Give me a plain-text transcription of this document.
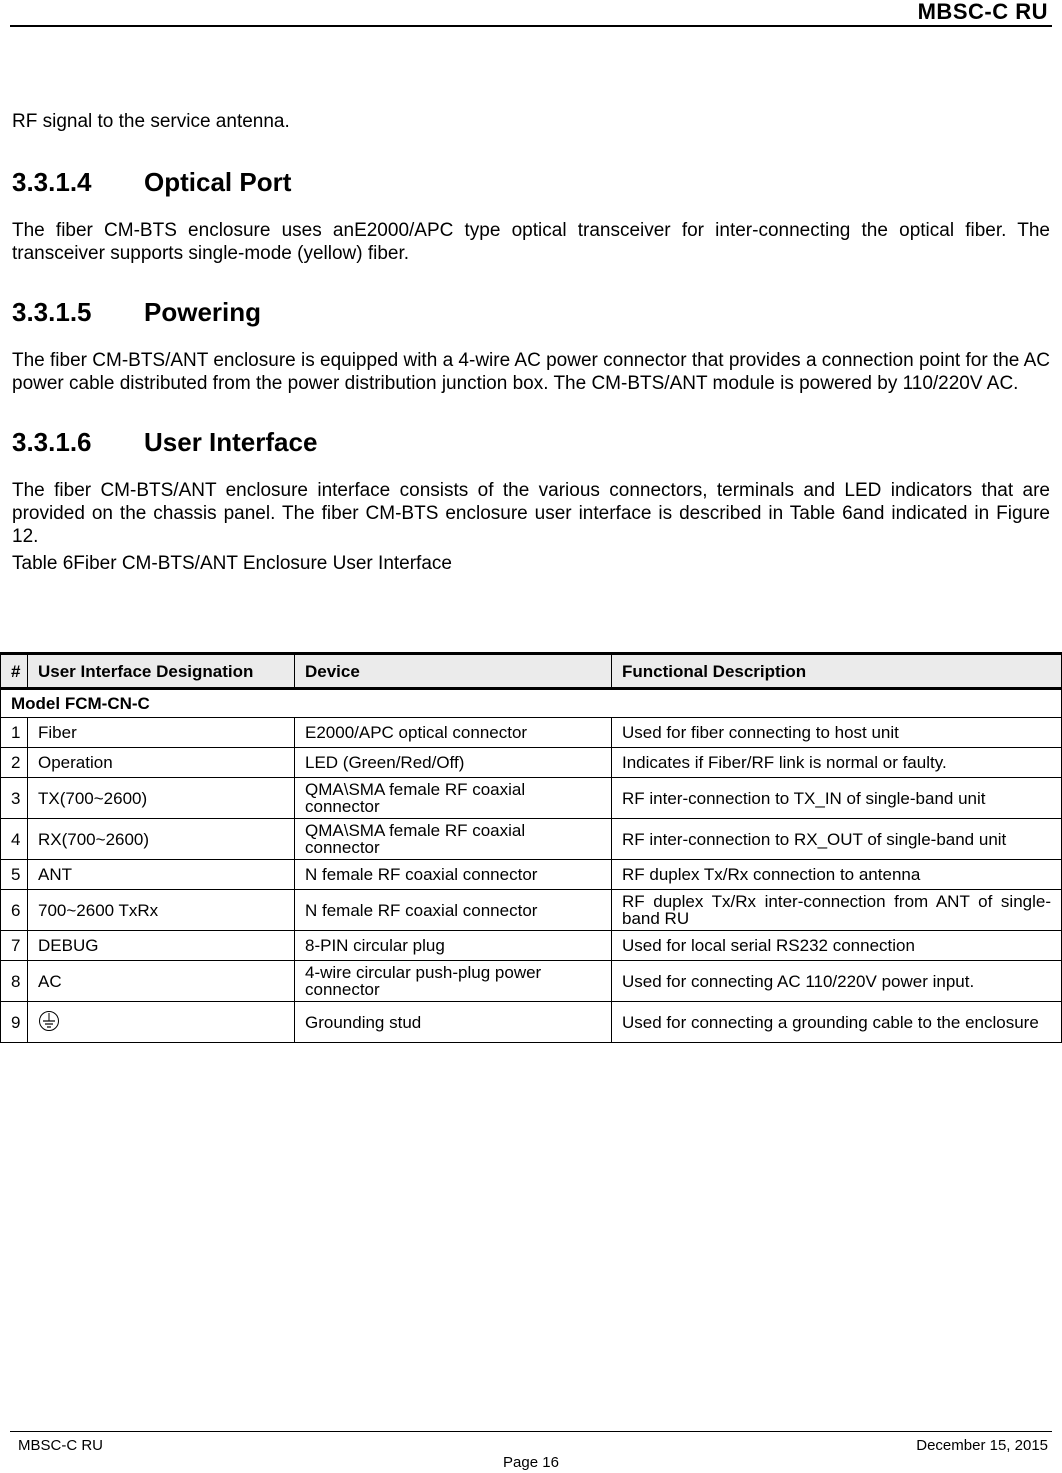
MBSC-C RU

RF signal to the service antenna.

3.3.1.4	Optical Port

The fiber CM-BTS enclosure uses anE2000/APC type optical transceiver for inter-connecting the optical fiber. The transceiver supports single-mode (yellow) fiber.

3.3.1.5	Powering

The fiber CM-BTS/ANT enclosure is equipped with a 4-wire AC power connector that provides a connection point for the AC power cable distributed from the power distribution junction box. The CM-BTS/ANT module is powered by 110/220V AC.

3.3.1.6	User Interface

The fiber CM-BTS/ANT enclosure interface consists of the various connectors, terminals and LED indicators that are provided on the chassis panel. The fiber CM-BTS enclosure user interface is described in Table 6and indicated in Figure 12.

Table 6Fiber CM-BTS/ANT Enclosure User Interface

#	User Interface Designation	Device	Functional Description
Model FCM-CN-C			
1	Fiber	E2000/APC optical connector	Used for fiber connecting to host unit
2	Operation	LED (Green/Red/Off)	Indicates if Fiber/RF link is normal or faulty.
3	TX(700~2600)	QMA\SMA female RF coaxial connector	RF inter-connection to TX_IN of single-band unit
4	RX(700~2600)	QMA\SMA female RF coaxial connector	RF inter-connection to RX_OUT of single-band unit
5	ANT	N female RF coaxial connector	RF duplex Tx/Rx connection to antenna
6	700~2600 TxRx	N female RF coaxial connector	RF duplex Tx/Rx inter-connection from ANT of single-band RU
7	DEBUG	8-PIN circular plug	Used for local serial RS232 connection
8	AC	4-wire circular push-plug power connector	Used for connecting AC 110/220V power input.
9		Grounding stud	Used for connecting a grounding cable to the enclosure
MBSC-C RU	December 15, 2015
Page 16
